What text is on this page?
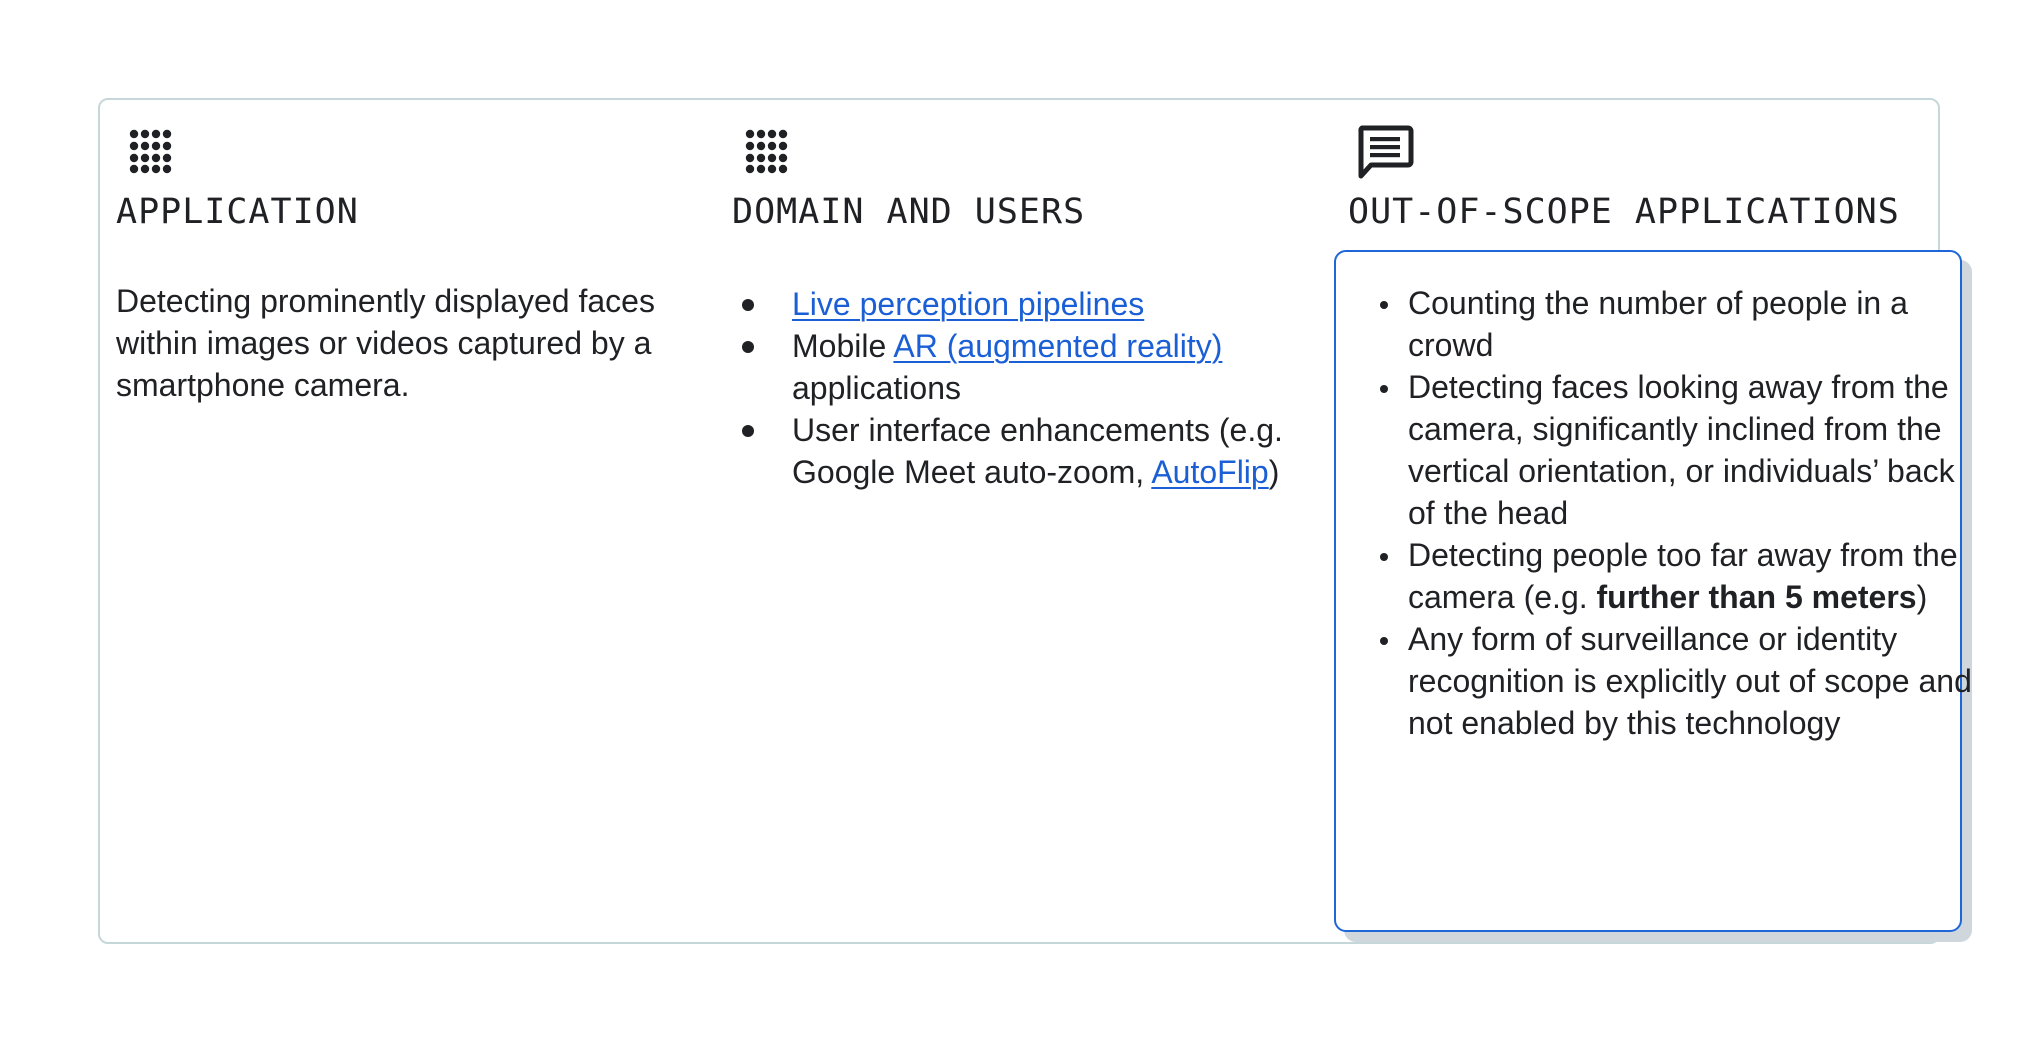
APPLICATION

Detecting prominently displayed faces within images or videos captured by a smartphone camera.

DOMAIN AND USERS
Live perception pipelines
Mobile AR (augmented reality) applications
User interface enhancements (e.g. Google Meet auto-zoom, AutoFlip)
OUT-OF-SCOPE APPLICATIONS
Counting the number of people in a crowd
Detecting faces looking away from the camera, significantly inclined from the vertical orientation, or individuals’ back of the head
Detecting people too far away from the camera (e.g. further than 5 meters)
Any form of surveillance or identity recognition is explicitly out of scope and not enabled by this technology
